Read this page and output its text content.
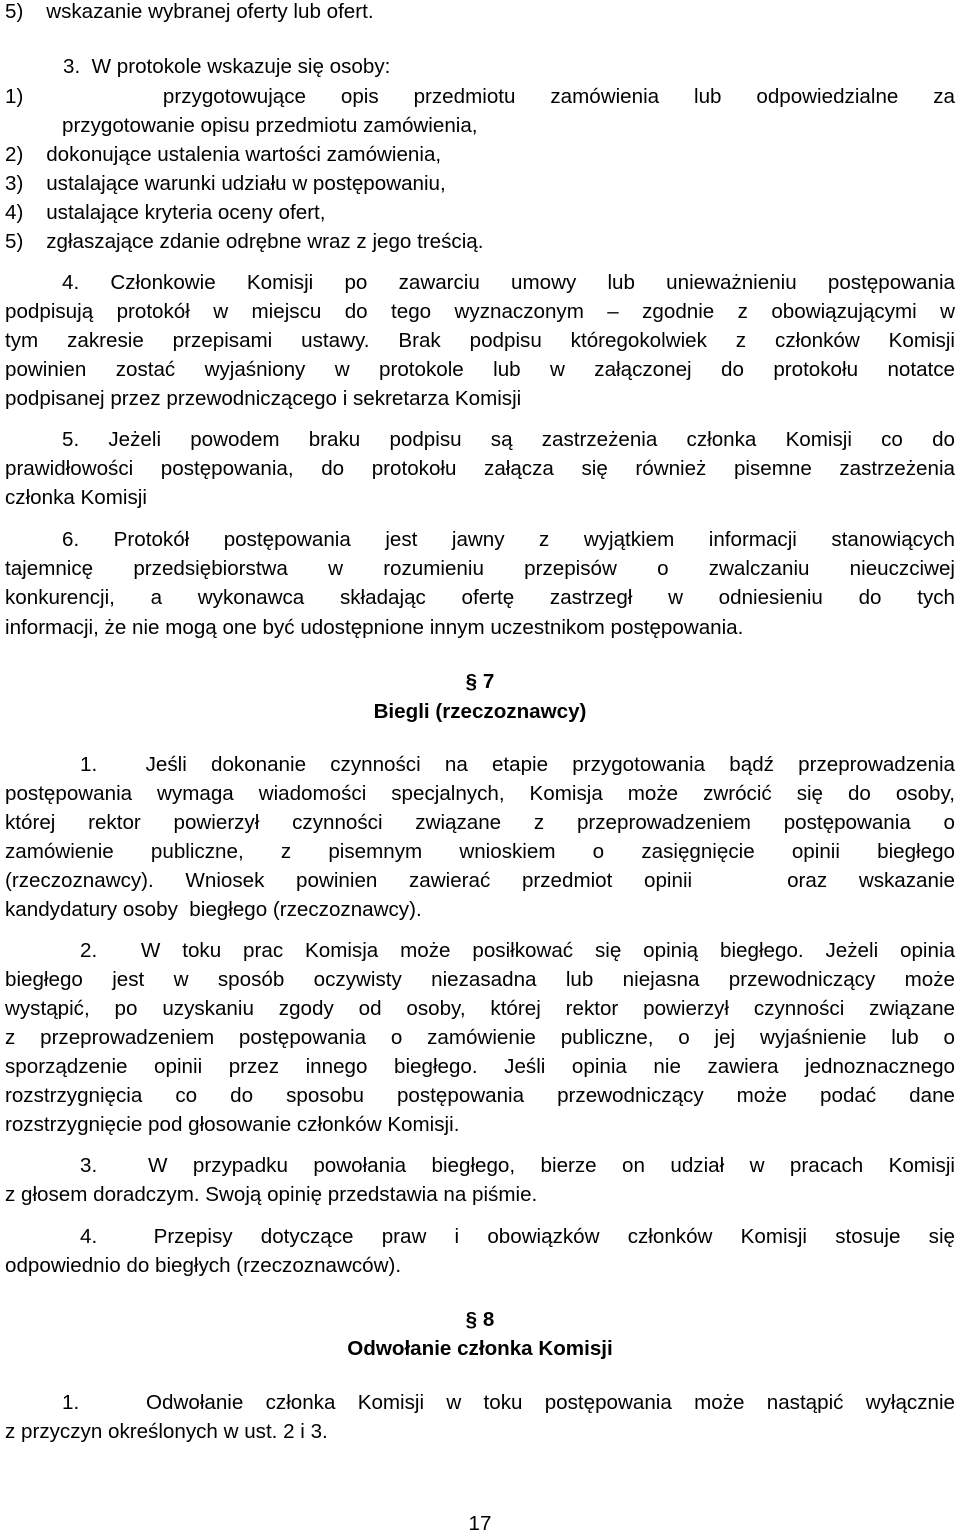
5)    wskazanie wybranej oferty lub ofert.
3.  W protokole wskazuje się osoby:
1)    przygotowujące opis przedmiotu zamówienia lub odpowiedzialne za
przygotowanie opisu przedmiotu zamówienia,
2)    dokonujące ustalenia wartości zamówienia,
3)    ustalające warunki udziału w postępowaniu,
4)    ustalające kryteria oceny ofert,
5)    zgłaszające zdanie odrębne wraz z jego treścią.
4. Członkowie Komisji po zawarciu umowy lub unieważnieniu postępowania
podpisują protokół w miejscu do tego wyznaczonym – zgodnie z obowiązującymi w
tym zakresie przepisami ustawy. Brak podpisu któregokolwiek z członków Komisji
powinien zostać wyjaśniony w protokole lub w załączonej do protokołu notatce
podpisanej przez przewodniczącego i sekretarza Komisji
5. Jeżeli powodem braku podpisu są zastrzeżenia członka Komisji co do
prawidłowości postępowania, do protokołu załącza się również pisemne zastrzeżenia
członka Komisji
6. Protokół postępowania jest jawny z wyjątkiem informacji stanowiących
tajemnicę przedsiębiorstwa w rozumieniu przepisów o zwalczaniu nieuczciwej
konkurencji, a wykonawca składając ofertę zastrzegł w odniesieniu do tych
informacji, że nie mogą one być udostępnione innym uczestnikom postępowania.
§ 7
Biegli (rzeczoznawcy)
1.  Jeśli dokonanie czynności na etapie przygotowania bądź przeprowadzenia
postępowania wymaga wiadomości specjalnych, Komisja może zwrócić się do osoby,
której rektor powierzył czynności związane z przeprowadzeniem postępowania o
zamówienie publiczne, z pisemnym wnioskiem o zasięgnięcie opinii biegłego
(rzeczoznawcy). Wniosek powinien zawierać przedmiot opinii   oraz wskazanie
kandydatury osoby  biegłego (rzeczoznawcy).
2.  W toku prac Komisja może posiłkować się opinią biegłego. Jeżeli opinia
biegłego jest w sposób oczywisty niezasadna lub niejasna przewodniczący może
wystąpić, po uzyskaniu zgody od osoby, której rektor powierzył czynności związane
z przeprowadzeniem postępowania o zamówienie publiczne, o jej wyjaśnienie lub o
sporządzenie opinii przez innego biegłego. Jeśli opinia nie zawiera jednoznacznego
rozstrzygnięcia co do sposobu postępowania przewodniczący może podać dane
rozstrzygnięcie pod głosowanie członków Komisji.
3.  W przypadku powołania biegłego, bierze on udział w pracach Komisji
z głosem doradczym. Swoją opinię przedstawia na piśmie.
4.  Przepisy dotyczące praw i obowiązków członków Komisji stosuje się
odpowiednio do biegłych (rzeczoznawców).
§ 8
Odwołanie członka Komisji
1.   Odwołanie członka Komisji w toku postępowania może nastąpić wyłącznie
z przyczyn określonych w ust. 2 i 3.
17
